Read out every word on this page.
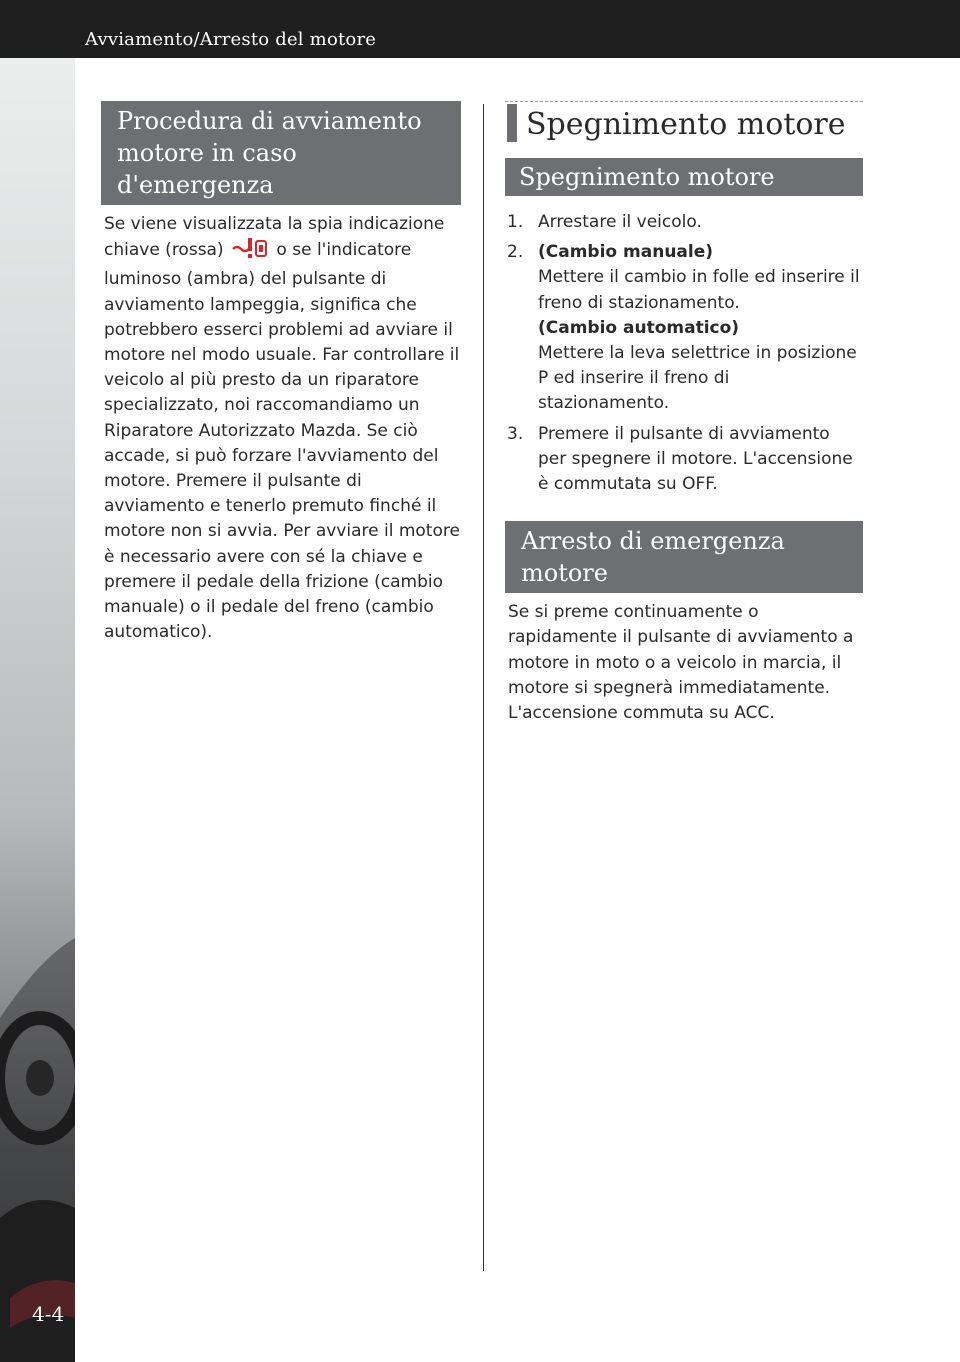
Avviamento/Arresto del motore
4-4
Procedura di avviamento
motore in caso d'emergenza
Se viene visualizzata la spia indicazione chiave (rossa)	o se l'indicatore luminoso (ambra) del pulsante di avviamento lampeggia, significa che potrebbero esserci problemi ad avviare il motore nel modo usuale. Far controllare il veicolo al più presto da un riparatore specializzato, noi raccomandiamo un Riparatore Autorizzato Mazda. Se ciò accade, si può forzare l'avviamento del motore. Premere il pulsante di avviamento e tenerlo premuto finché il motore non si avvia. Per avviare il motore è necessario avere con sé la chiave e premere il pedale della frizione (cambio manuale) o il pedale del freno (cambio automatico).
Spegnimento motore
Spegnimento motore
1. Arrestare il veicolo.
2. (Cambio manuale)
Mettere il cambio in folle ed inserire il freno di stazionamento.
(Cambio automatico)
Mettere la leva selettrice in posizione P ed inserire il freno di stazionamento.
3. Premere il pulsante di avviamento per spegnere il motore. L'accensione è commutata su OFF.
Arresto di emergenza
motore
Se si preme continuamente o rapidamente il pulsante di avviamento a motore in moto o a veicolo in marcia, il motore si spegnerà immediatamente. L'accensione commuta su ACC.
